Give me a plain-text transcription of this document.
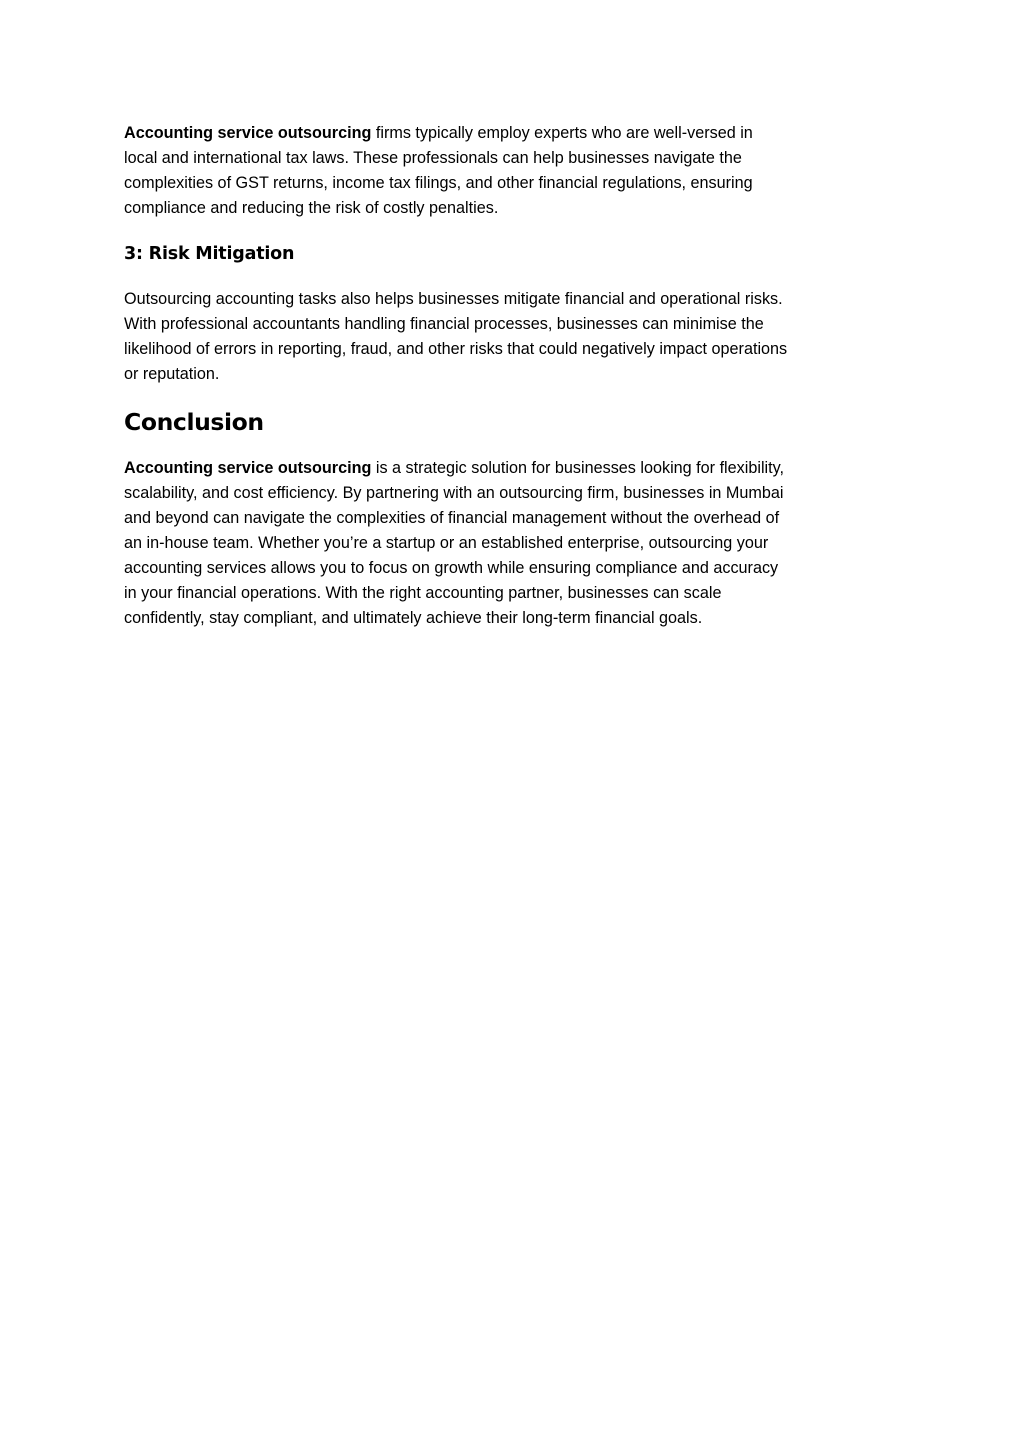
Accounting service outsourcing firms typically employ experts who are well-versed in
local and international tax laws. These professionals can help businesses navigate the
complexities of GST returns, income tax filings, and other financial regulations, ensuring
compliance and reducing the risk of costly penalties.

3: Risk Mitigation

Outsourcing accounting tasks also helps businesses mitigate financial and operational risks.
With professional accountants handling financial processes, businesses can minimise the
likelihood of errors in reporting, fraud, and other risks that could negatively impact operations
or reputation.

Conclusion

Accounting service outsourcing is a strategic solution for businesses looking for flexibility,
scalability, and cost efficiency. By partnering with an outsourcing firm, businesses in Mumbai
and beyond can navigate the complexities of financial management without the overhead of
an in-house team. Whether you’re a startup or an established enterprise, outsourcing your
accounting services allows you to focus on growth while ensuring compliance and accuracy
in your financial operations. With the right accounting partner, businesses can scale
confidently, stay compliant, and ultimately achieve their long-term financial goals.
